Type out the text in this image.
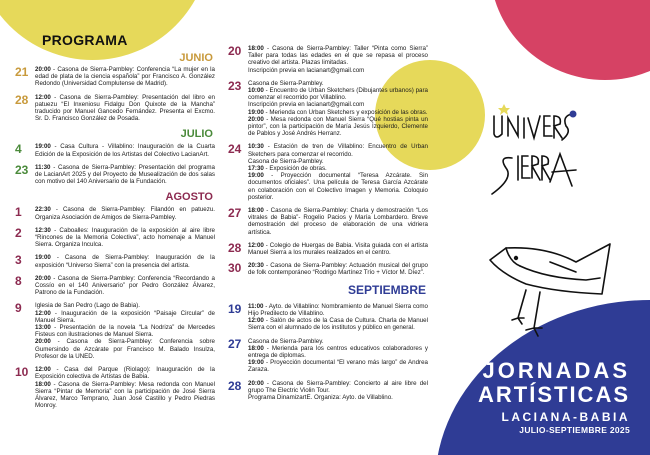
PROGRAMA
JUNIO
21	20:00 - Casona de Sierra-Pambley: Conferencia “La mujer en la edad de plata de la ciencia española” por Francisco A. González Redondo (Universidad Complutense de Madrid).

28	12:00 - Casona de Sierra-Pambley: Presentación del libro en patuezu “El Inxeniosu Fidalgu Don Quixote de la Mancha” traducido por Manuel Gancedo Fernández. Presenta el Excmo. Sr. D. Francisco González de Posada.

JULIO
4	19:00 - Casa Cultura - Villablino: Inauguración de la Cuarta Edición de la Exposición de los Artistas del Colectivo LacianArt.

23	11:30 - Casona de Sierra-Pambley: Presentación del programa de LacianArt 2025 y del Proyecto de Musealización de dos salas con motivo del 140 Aniversario de la Fundación.

AGOSTO
1	22:30 - Casona de Sierra-Pambley: Filandón en patuezu. Organiza Asociación de Amigos de Sierra-Pambley.

2	12:30 - Caboalles: Inauguración de la exposición al aire libre “Rincones de la Memoria Colectiva”, acto homenaje a Manuel Sierra. Organiza Inculca.

3	19:00 - Casona de Sierra-Pambley: Inauguración de la exposición “Universo Sierra” con la presencia del artista.

8	20:00 - Casona de Sierra-Pambley: Conferencia “Recordando a Cossío en el 140 Aniversario” por Pedro González Álvarez, Patrono de la Fundación.

9	Iglesia de San Pedro (Lago de Babia).

12:00 - Inauguración de la exposición “Paisaje Circular” de Manuel Sierra.

13:00 - Presentación de la novela “La Nodriza” de Mercedes Fisteus con ilustraciones de Manuel Sierra.

20:00 - Casona de Sierra-Pambley: Conferencia sobre Gumersindo de Azcárate por Francisco M. Balado Insulza, Profesor de la UNED.

10	12:00 - Casa del Parque (Riolago): Inauguración de la Exposición colectiva de Artistas de Babia.

18:00 - Casona de Sierra-Pambley: Mesa redonda con Manuel Sierra “Pintar de Memoria” con la participación de José Sierra Álvarez, Marco Temprano, Juan José Castillo y Pedro Piedras Monroy.

20	18:00 - Casona de Sierra-Pambley: Taller “Pinta como Sierra” Taller para todas las edades en el que se repasa el proceso creativo del artista. Plazas limitadas.

Inscripción previa en lacianart@gmail.com

23	Casona de Sierra-Pambley.

10:00 - Encuentro de Urban Sketchers (Dibujantes urbanos) para comenzar el recorrido por Villablino.

Inscripción previa en lacianart@gmail.com

19:00 - Merienda con Urban Sketchers y exposición de las obras.

20:00 - Mesa redonda con Manuel Sierra “Qué hostias pinta un pintor”, con la participación de María Jesús Izquierdo, Clemente de Pablos y José Andrés Herranz.

24	10:30 - Estación de tren de Villablino: Encuentro de Urban Sketchers para comenzar el recorrido.

Casona de Sierra-Pambley.

17:30 - Exposición de obras.

19:00 - Proyección documental “Teresa Azcárate. Sin documentos oficiales”. Una película de Teresa García Azcárate en colaboración con el Colectivo Imagen y Memoria. Coloquio posterior.

27	18:00 - Casona de Sierra-Pambley: Charla y demostración “Los vitrales de Babia”- Rogelio Pacios y María Lombardero. Breve demostración del proceso de elaboración de una vidriera artística.

28	12:00 - Colegio de Huergas de Babia. Visita guiada con el artista Manuel Sierra a los murales realizados en el centro.

30	20:30 - Casona de Sierra-Pambley: Actuación musical del grupo de folk contemporáneo “Rodrigo Martínez Trío + Víctor M. Díez”.

SEPTIEMBRE
19	11:00 - Ayto. de Villablino: Nombramiento de Manuel Sierra como Hijo Predilecto de Villablino.

12:00 - Salón de actos de la Casa de Cultura. Charla de Manuel Sierra con el alumnado de los institutos y público en general.

27	Casona de Sierra-Pambley.

18:00 - Merienda para los centros educativos colaboradores y entrega de diplomas.

19:00 - Proyección documental “El verano más largo” de Andrea Zaraza.

28	20:00 - Casona de Sierra-Pambley: Concierto al aire libre del grupo The Electric Violin Tour.

Programa DinamizartE. Organiza: Ayto. de Villablino.

JORNADAS
ARTÍSTICAS
LACIANA-BABIA
JULIO-SEPTIEMBRE 2025
